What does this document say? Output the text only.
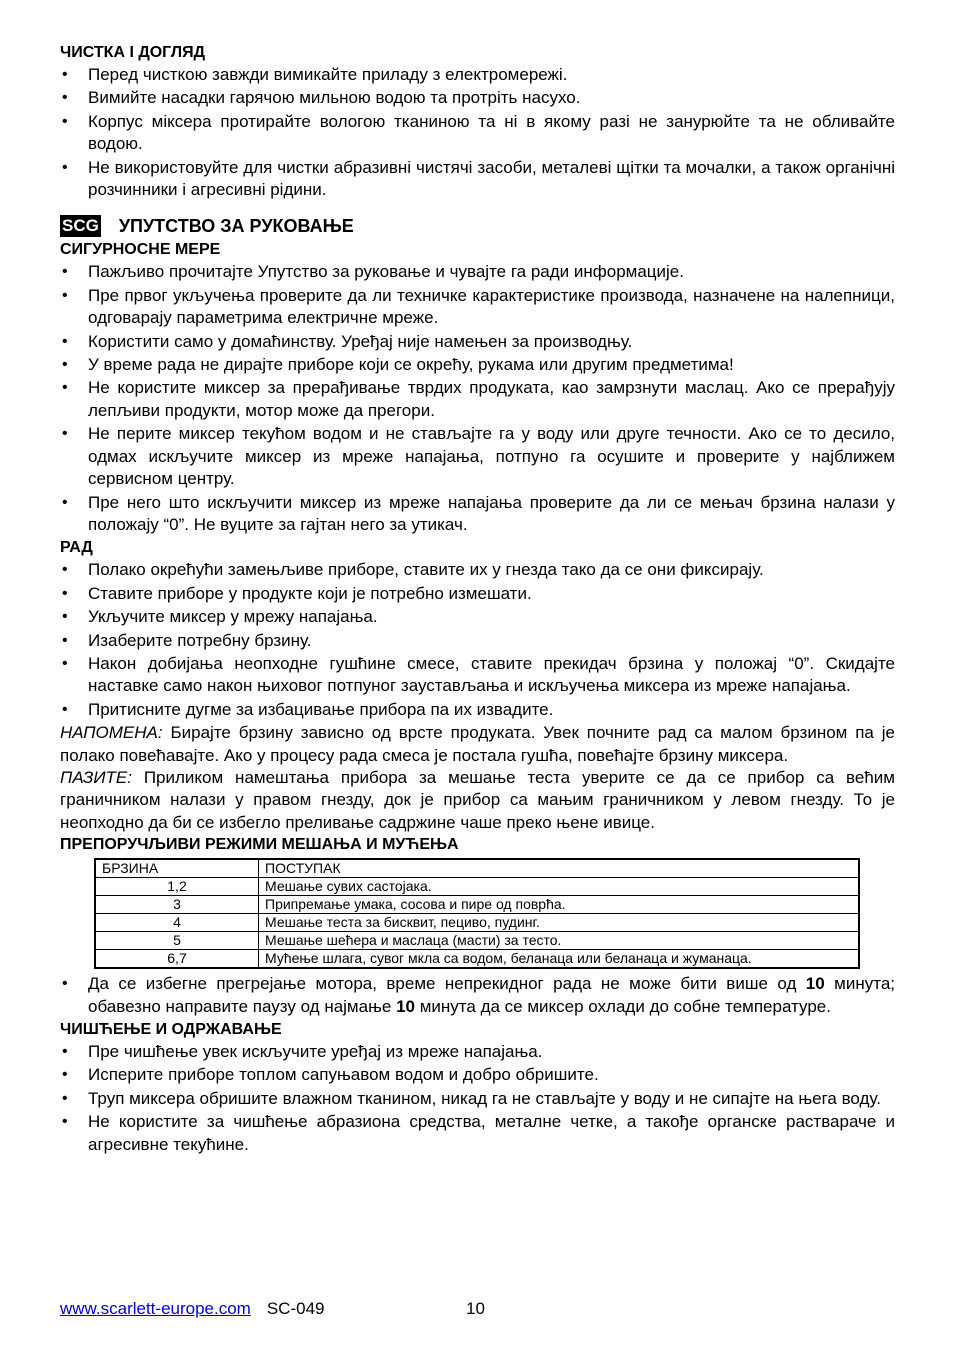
ЧИСТКА І ДОГЛЯД
• Перед чисткою завжди вимикайте приладу з електромережі.
• Вимийте насадки гарячою мильною водою та протріть насухо.
• Корпус міксера протирайте вологою тканиною та ні в якому разі не занурюйте та не обливайте водою.
• Не використовуйте для чистки абразивні чистячі засоби, металеві щітки та мочалки, а також органічні розчинники і агресивні рідини.
SCG УПУТСТВО ЗА РУКОВАЊЕ
СИГУРНОСНЕ МЕРЕ
• Пажљиво прочитајте Упутство за руковање и чувајте га ради информације.
• Пре првог укључења проверите да ли техничке карактеристике производа, назначене на налепници, одговарају параметрима електричне мреже.
• Користити само у домаћинству. Уређај није намењен за производњу.
• У време рада не дирајте приборе који се окрећу, рукама или другим предметима!
• Не користите миксер за прерађивање тврдих продуката, као замрзнути маслац. Ако се прерађују лепљиви продукти, мотор може да прегори.
• Не перите миксер текућом водом и не стављајте га у воду или друге течности. Ако се то десило, одмах искључите миксер из мреже напајања, потпуно га осушите и проверите у најближем сервисном центру.
• Пре него што искључити миксер из мреже напајања проверите да ли се мењач брзина налази у положају “0”. Не вуците за гајтан него за утикач.
РАД
• Полако окрећући замењљиве приборе, ставите их у гнезда тако да се они фиксирају.
• Ставите приборе у продукте који је потребно измешати.
• Укључите миксер у мрежу напајања.
• Изаберите потребну брзину.
• Након добијања неопходне гушћине смесе, ставите прекидач брзина у положај “0”. Скидајте наставке само након њиховог потпуног заустављања и искључења миксера из мреже напајања.
• Притисните дугме за избацивање прибора па их извадите.
НАПОМЕНА: Бирајте брзину зависно од врсте продуката. Увек почните рад са малом брзином па је полако повећавајте. Ако у процесу рада смеса је постала гушћа, повећајте брзину миксера.
ПАЗИТЕ: Приликом намештања прибора за мешање теста уверите се да се прибор са већим граничником налази у правом гнезду, док је прибор са мањим граничником у левом гнезду. То је неопходно да би се избегло преливање садржине чаше преко њене ивице.
ПРЕПОРУЧЉИВИ РЕЖИМИ МЕШАЊА И МУЋЕЊА
БРЗИНА	ПОСТУПАК
1,2	Мешање сувих састојака.
3	Припремање умака, сосова и пире од поврћа.
4	Мешање теста за бисквит, пециво, пудинг.
5	Мешање шећера и маслаца (масти) за тесто.
6,7	Мућење шлага, сувог мкла са водом, беланаца или беланаца и жуманаца.
• Да се избегне прегрејање мотора, време непрекидног рада не може бити више од 10 минута; обавезно направите паузу од најмање 10 минута да се миксер охлади до собне температуре.
ЧИШЋЕЊЕ И ОДРЖАВАЊЕ
• Пре чишћење увек искључите уређај из мреже напајања.
• Исперите приборе топлом сапуњавом водом и добро обришите.
• Труп миксера обришите влажном тканином, никад га не стављајте у воду и не сипајте на њега воду.
• Не користите за чишћење абразиона средства, металне четке, а такође органске раствараче и агресивне текућине.
www.scarlett-europe.com SC-049	10
